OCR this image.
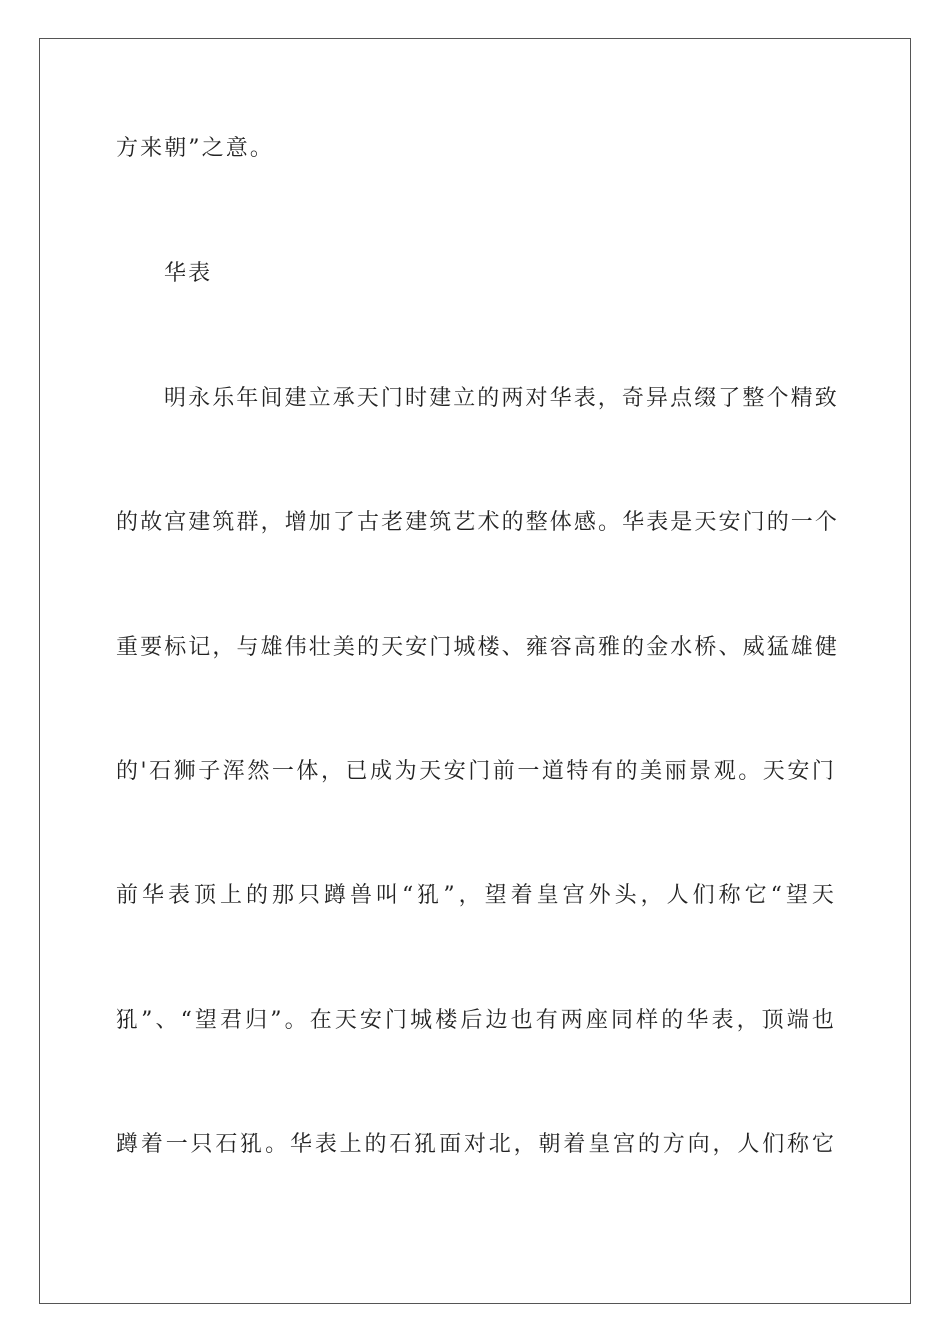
方来朝”之意。
华表
明永乐年间建立承天门时建立的两对华表，奇异点缀了整个精致
的故宫建筑群，增加了古老建筑艺术的整体感。华表是天安门的一个
重要标记，与雄伟壮美的天安门城楼、雍容高雅的金水桥、威猛雄健
的'石狮子浑然一体，已成为天安门前一道特有的美丽景观。天安门
前华表顶上的那只蹲兽叫“犼”，望着皇宫外头，人们称它“望天
犼”、“望君归”。在天安门城楼后边也有两座同样的华表，顶端也
蹲着一只石犼。华表上的石犼面对北，朝着皇宫的方向，人们称它
